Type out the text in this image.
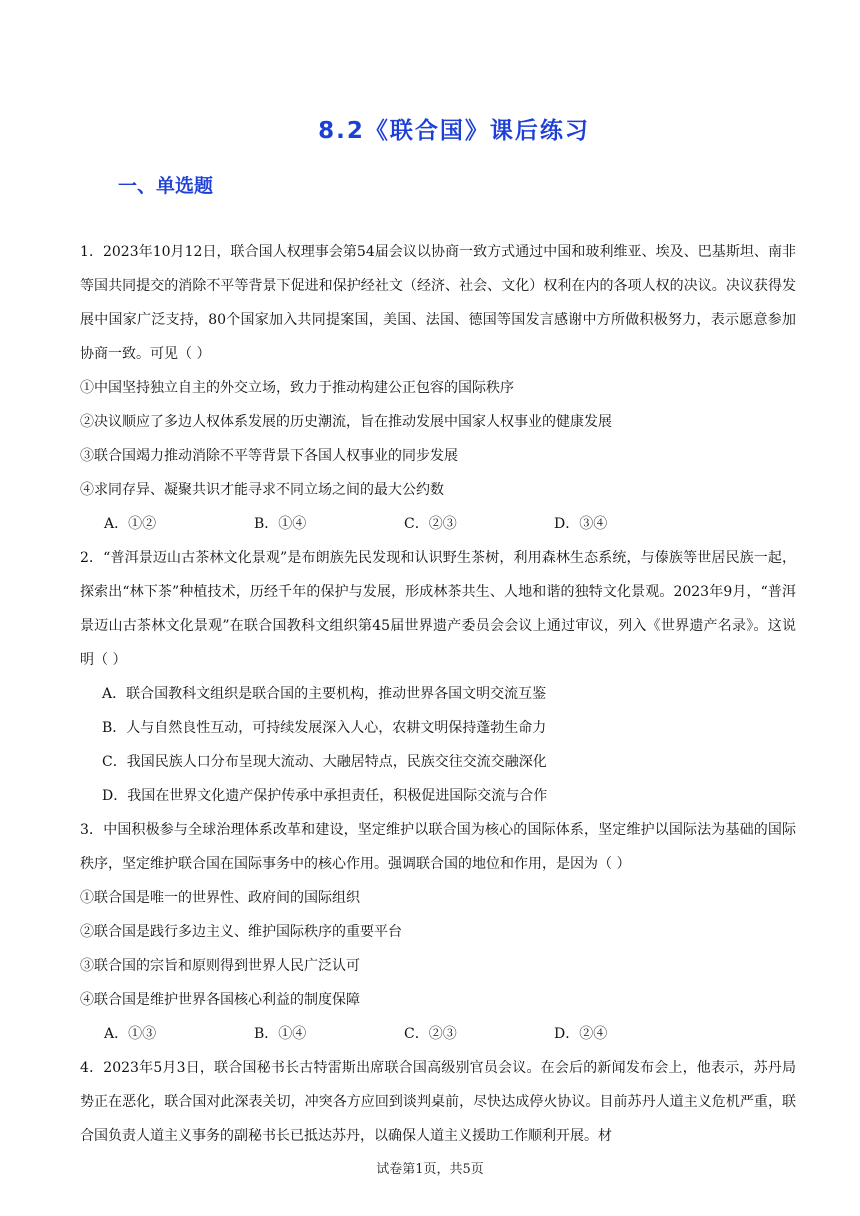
8.2《联合国》课后练习
一、单选题

1．2023年10月12日，联合国人权理事会第54届会议以协商一致方式通过中国和玻利维亚、埃及、巴基斯坦、南非等国共同提交的消除不平等背景下促进和保护经社文（经济、社会、文化）权利在内的各项人权的决议。决议获得发展中国家广泛支持，80个国家加入共同提案国，美国、法国、德国等国发言感谢中方所做积极努力，表示愿意参加协商一致。可见（ ）

①中国坚持独立自主的外交立场，致力于推动构建公正包容的国际秩序

②决议顺应了多边人权体系发展的历史潮流，旨在推动发展中国家人权事业的健康发展

③联合国竭力推动消除不平等背景下各国人权事业的同步发展

④求同存异、凝聚共识才能寻求不同立场之间的最大公约数

A．①②	B．①④	C．②③	D．③④

2．“普洱景迈山古茶林文化景观”是布朗族先民发现和认识野生茶树，利用森林生态系统，与傣族等世居民族一起，探索出“林下茶”种植技术，历经千年的保护与发展，形成林茶共生、人地和谐的独特文化景观。2023年9月，“普洱景迈山古茶林文化景观”在联合国教科文组织第45届世界遗产委员会会议上通过审议，列入《世界遗产名录》。这说明（ ）

A．联合国教科文组织是联合国的主要机构，推动世界各国文明交流互鉴

B．人与自然良性互动，可持续发展深入人心，农耕文明保持蓬勃生命力

C．我国民族人口分布呈现大流动、大融居特点，民族交往交流交融深化

D．我国在世界文化遗产保护传承中承担责任，积极促进国际交流与合作

3．中国积极参与全球治理体系改革和建设，坚定维护以联合国为核心的国际体系，坚定维护以国际法为基础的国际秩序，坚定维护联合国在国际事务中的核心作用。强调联合国的地位和作用，是因为（ ）

①联合国是唯一的世界性、政府间的国际组织

②联合国是践行多边主义、维护国际秩序的重要平台

③联合国的宗旨和原则得到世界人民广泛认可

④联合国是维护世界各国核心利益的制度保障

A．①③	B．①④	C．②③	D．②④

4．2023年5月3日，联合国秘书长古特雷斯出席联合国高级别官员会议。在会后的新闻发布会上，他表示，苏丹局势正在恶化，联合国对此深表关切，冲突各方应回到谈判桌前，尽快达成停火协议。目前苏丹人道主义危机严重，联合国负责人道主义事务的副秘书长已抵达苏丹，以确保人道主义援助工作顺利开展。材

试卷第1页，共5页
